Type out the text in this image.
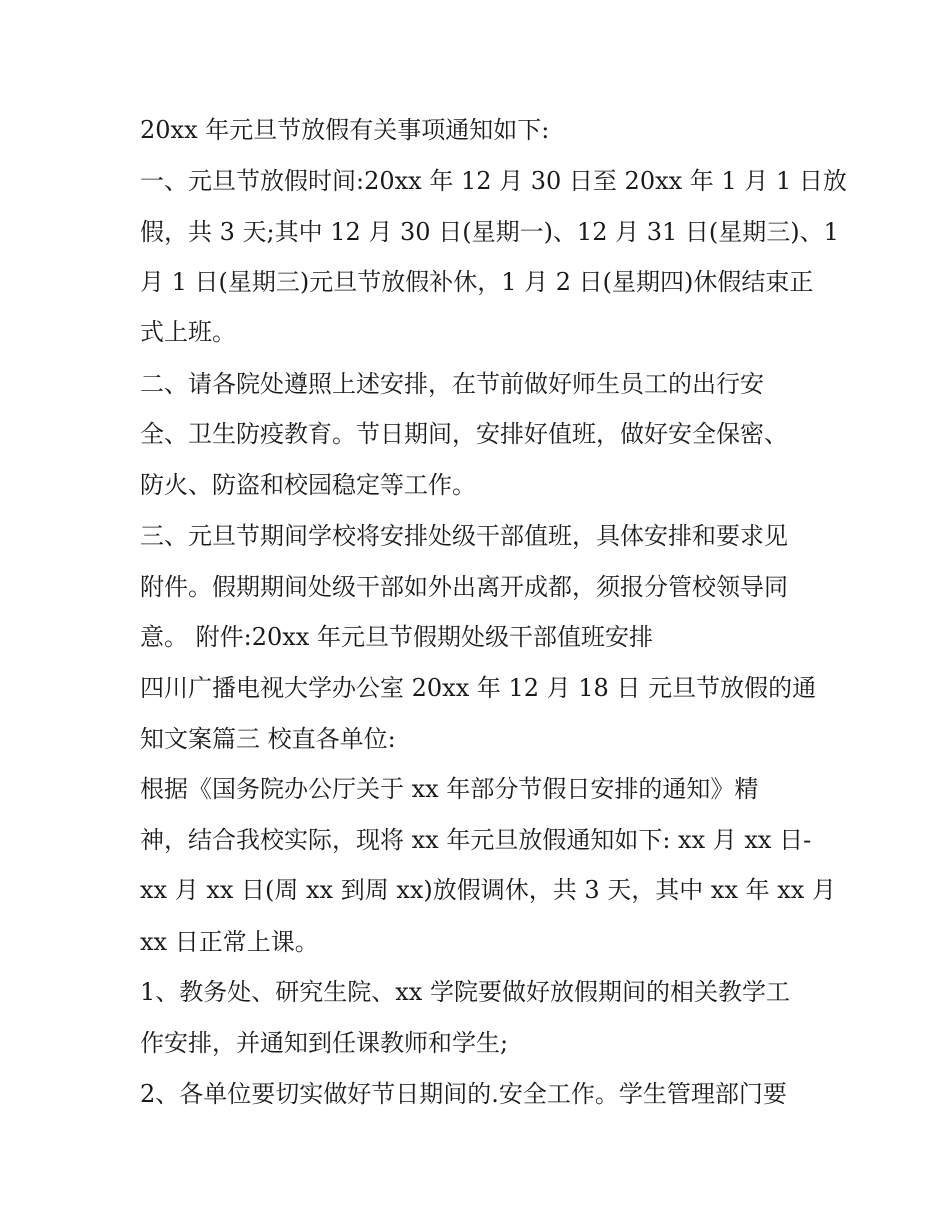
20xx 年元旦节放假有关事项通知如下:
一、元旦节放假时间:20xx 年 12 月 30 日至 20xx 年 1 月 1 日放
假，共 3 天;其中 12 月 30 日(星期一)、12 月 31 日(星期三)、1
月 1 日(星期三)元旦节放假补休，1 月 2 日(星期四)休假结束正
式上班。
二、请各院处遵照上述安排，在节前做好师生员工的出行安
全、卫生防疫教育。节日期间，安排好值班，做好安全保密、
防火、防盗和校园稳定等工作。
三、元旦节期间学校将安排处级干部值班，具体安排和要求见
附件。假期期间处级干部如外出离开成都，须报分管校领导同
意。 附件:20xx 年元旦节假期处级干部值班安排
四川广播电视大学办公室 20xx 年 12 月 18 日 元旦节放假的通
知文案篇三 校直各单位:
根据《国务院办公厅关于 xx 年部分节假日安排的通知》精
神，结合我校实际，现将 xx 年元旦放假通知如下: xx 月 xx 日-
xx 月 xx 日(周 xx 到周 xx)放假调休，共 3 天，其中 xx 年 xx 月
xx 日正常上课。
1、教务处、研究生院、xx 学院要做好放假期间的相关教学工
作安排，并通知到任课教师和学生;
2、各单位要切实做好节日期间的.安全工作。学生管理部门要
